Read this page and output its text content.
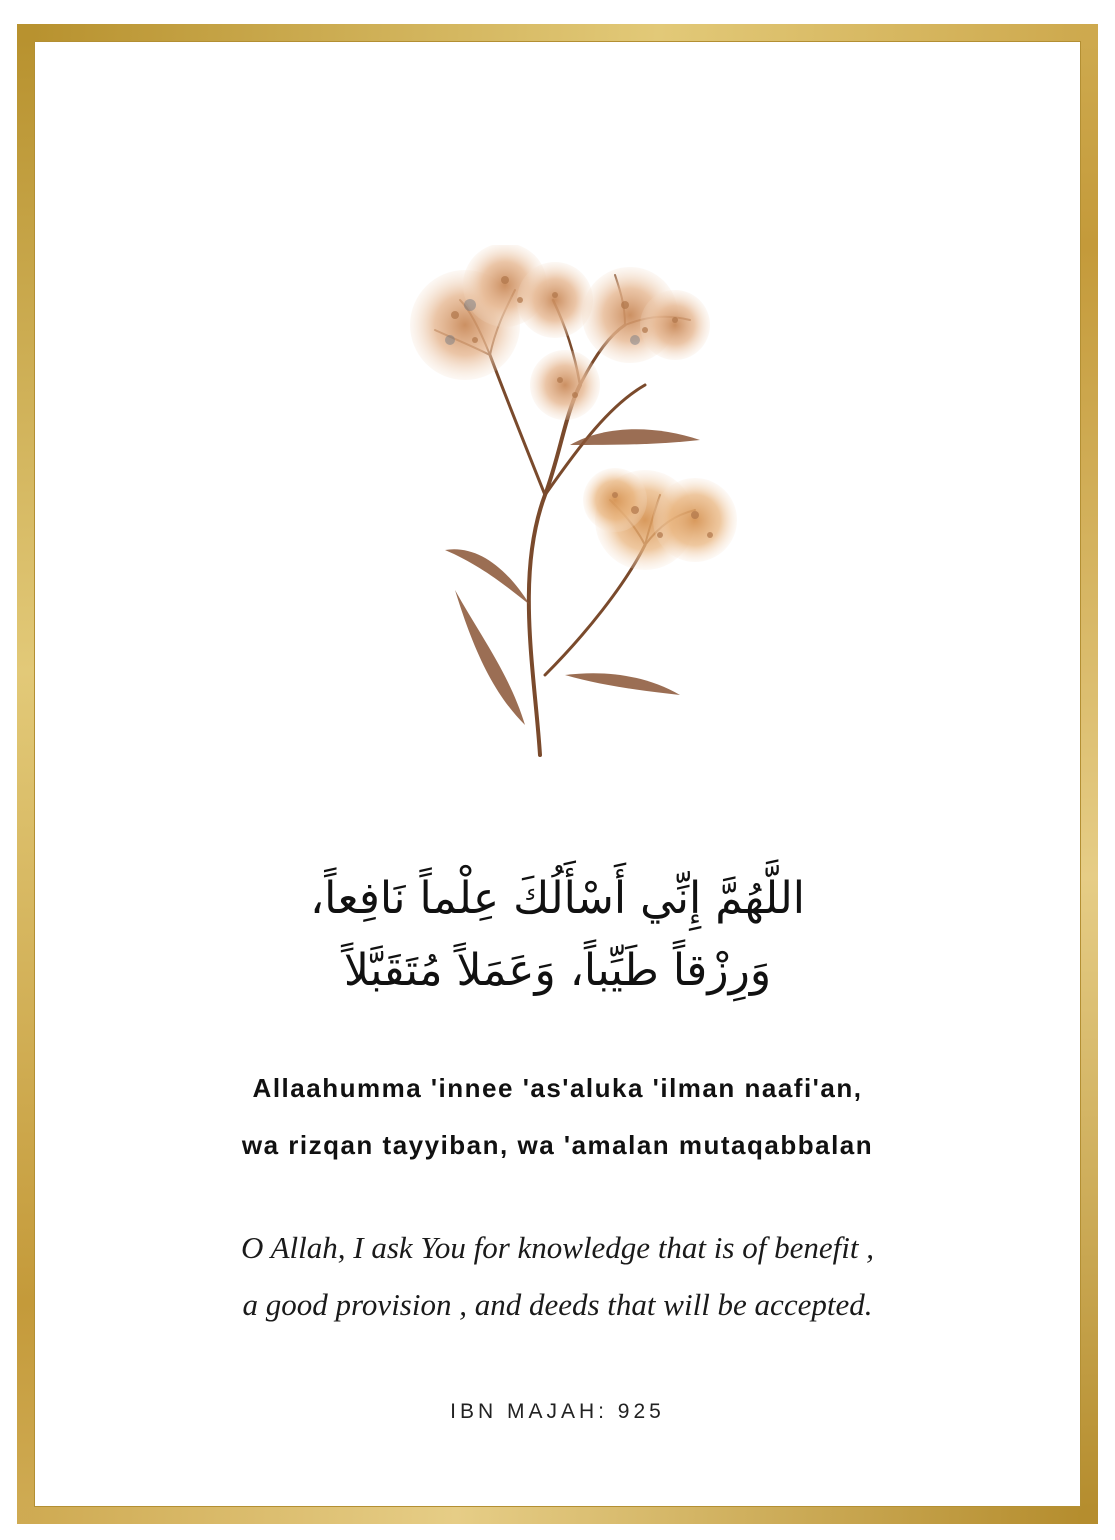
اللَّهُمَّ إِنِّي أَسْأَلُكَ عِلْماً نَافِعاً،
وَرِزْقاً طَيِّباً، وَعَمَلاً مُتَقَبَّلاً
Allaahumma 'innee 'as'aluka 'ilman naafi'an,
wa rizqan tayyiban, wa 'amalan mutaqabbalan
O Allah, I ask You for knowledge that is of benefit ,
a good provision , and deeds that will be accepted.
IBN MAJAH: 925
